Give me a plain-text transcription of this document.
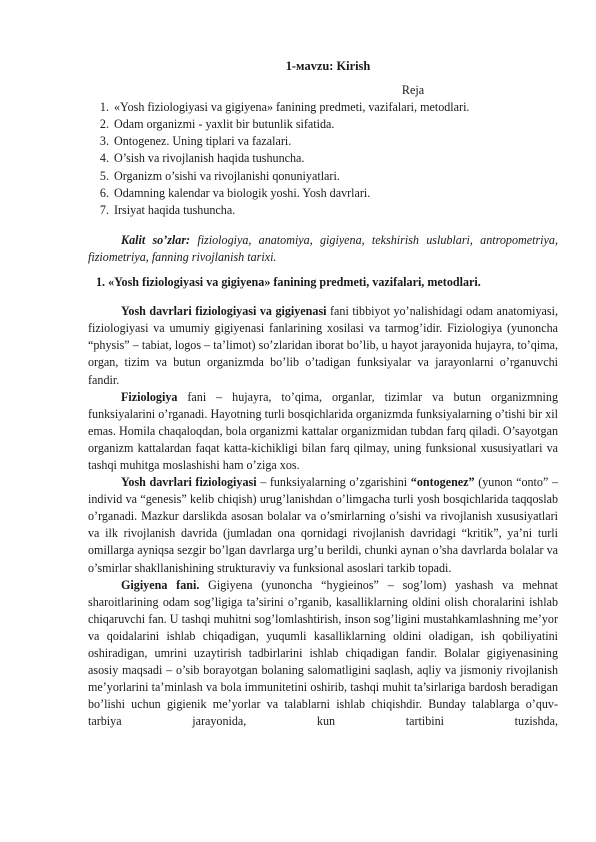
1-мavzu: Kirish
Reja
1. «Yosh fiziologiyasi va gigiyena» fanining predmeti, vazifalari, metodlari.
2. Odam organizmi - yaxlit bir butunlik sifatida.
3. Ontogenez. Uning tiplari va fazalari.
4. O’sish va rivojlanish haqida tushuncha.
5. Organizm o’sishi va rivojlanishi qonuniyatlari.
6. Odamning kalendar va biologik yoshi. Yosh davrlari.
7. Irsiyat haqida tushuncha.

Kalit so’zlar: fiziologiya, anatomiya, gigiyena, tekshirish uslublari, antropometriya, fiziometriya, fanning rivojlanish tarixi.

1. «Yosh fiziologiyasi va gigiyena» fanining predmeti, vazifalari, metodlari.

Yosh davrlari fiziologiyasi va gigiyenasi fani tibbiyot yo’nalishidagi odam anatomiyasi, fiziologiyasi va umumiy gigiyenasi fanlarining xosilasi va tarmog’idir. Fiziologiya (yunoncha “physis” – tabiat, logos – ta’limot) so’zlaridan iborat bo’lib, u hayot jarayonida hujayra, to’qima, organ, tizim va butun organizmda bo’lib o’tadigan funksiyalar va jarayonlarni o’rganuvchi fandir.

Fiziologiya fani – hujayra, to’qima, organlar, tizimlar va butun organizmning funksiyalarini o’rganadi. Hayotning turli bosqichlarida organizmda funksiyalarning o’tishi bir xil emas. Homila chaqaloqdan, bola organizmi kattalar organizmidan tubdan farq qiladi. O’sayotgan organizm kattalardan faqat katta-kichikligi bilan farq qilmay, uning funksional xususiyatlari va tashqi muhitga moslashishi ham o’ziga xos.

Yosh davrlari fiziologiyasi – funksiyalarning o’zgarishini “ontogenez” (yunon “onto” – individ va “genesis” kelib chiqish) urug’lanishdan o’limgacha turli yosh bosqichlarida taqqoslab o’rganadi. Mazkur darslikda asosan bolalar va o’smirlarning o’sishi va rivojlanish xususiyatlari va ilk rivojlanish davrida (jumladan ona qornidagi rivojlanish davridagi “kritik”, ya’ni turli omillarga ayniqsa sezgir bo’lgan davrlarga urg’u berildi, chunki aynan o’sha davrlarda bolalar va o’smirlar shakllanishining strukturaviy va funksional asoslari tarkib topadi.

Gigiyena fani. Gigiyena (yunoncha “hygieinos” – sog’lom) yashash va mehnat sharoitlarining odam sog’ligiga ta’sirini o’rganib, kasalliklarning oldini olish choralarini ishlab chiqaruvchi fan. U tashqi muhitni sog’lomlashtirish, inson sog’ligini mustahkamlashning me’yor va qoidalarini ishlab chiqadigan, yuqumli kasalliklarning oldini oladigan, ish qobiliyatini oshiradigan, umrini uzaytirish tadbirlarini ishlab chiqadigan fandir. Bolalar gigiyenasining asosiy maqsadi – o’sib borayotgan bolaning salomatligini saqlash, aqliy va jismoniy rivojlanish me’yorlarini ta’minlash va bola immunitetini oshirib, tashqi muhit ta’sirlariga bardosh beradigan bo’lishi uchun gigienik me’yorlar va talablarni ishlab chiqishdir. Bunday talablarga o’quv-tarbiya jarayonida, kun tartibini tuzishda,
